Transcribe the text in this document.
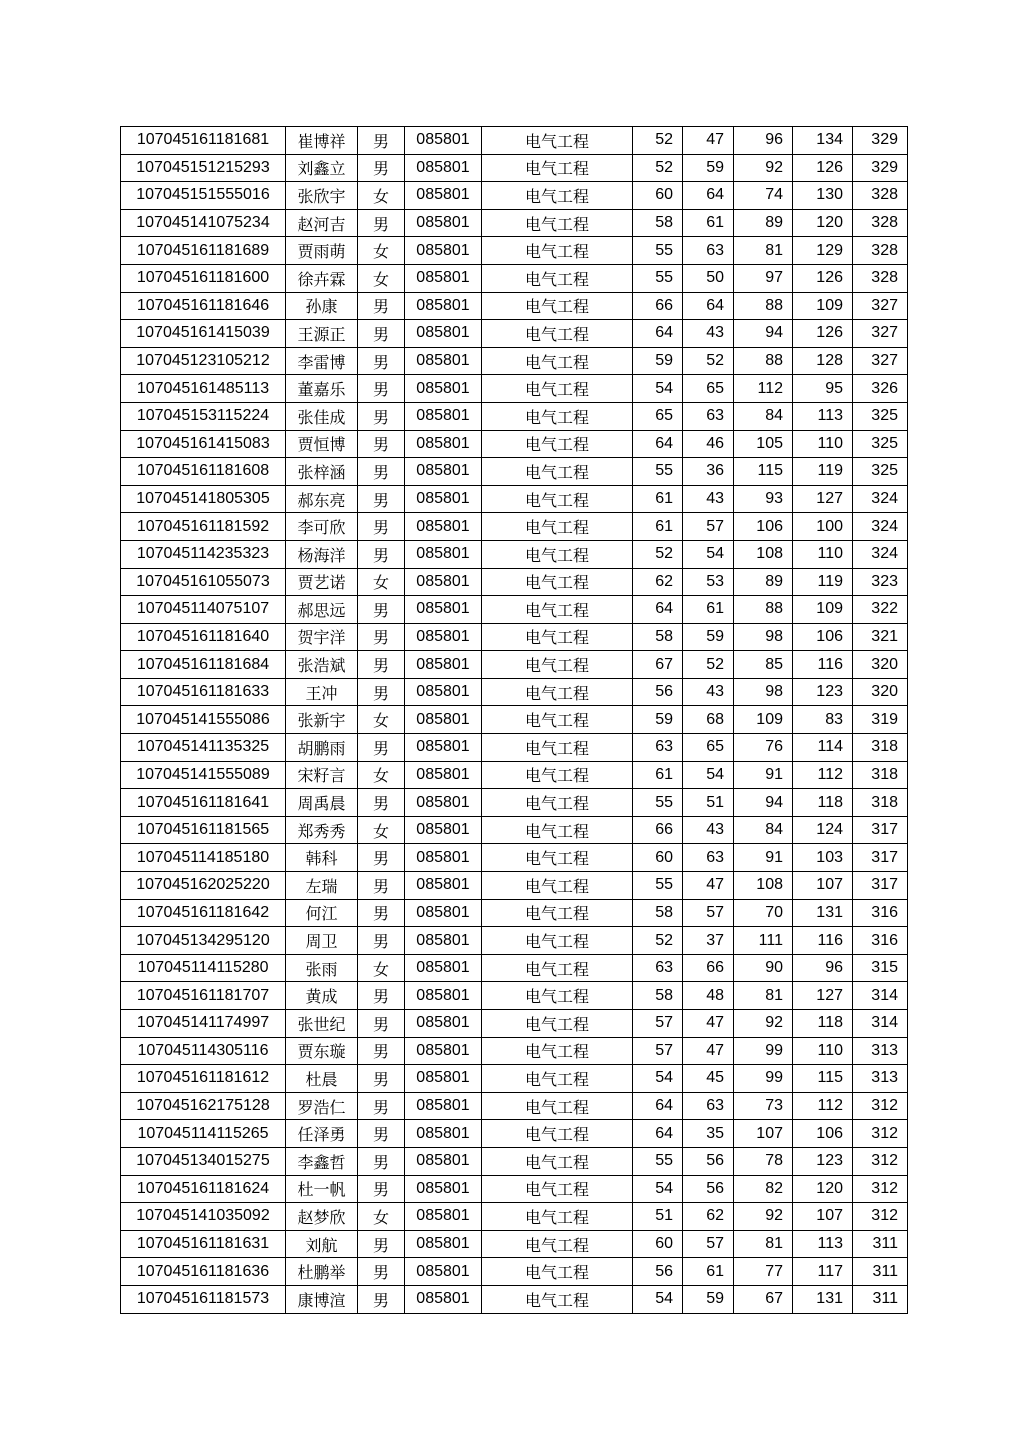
107045161181681	崔博祥	男	085801	电气工程	52	47	96	134	329
107045151215293	刘鑫立	男	085801	电气工程	52	59	92	126	329
107045151555016	张欣宇	女	085801	电气工程	60	64	74	130	328
107045141075234	赵河吉	男	085801	电气工程	58	61	89	120	328
107045161181689	贾雨萌	女	085801	电气工程	55	63	81	129	328
107045161181600	徐卉霖	女	085801	电气工程	55	50	97	126	328
107045161181646	孙康	男	085801	电气工程	66	64	88	109	327
107045161415039	王源正	男	085801	电气工程	64	43	94	126	327
107045123105212	李雷博	男	085801	电气工程	59	52	88	128	327
107045161485113	董嘉乐	男	085801	电气工程	54	65	112	95	326
107045153115224	张佳成	男	085801	电气工程	65	63	84	113	325
107045161415083	贾恒博	男	085801	电气工程	64	46	105	110	325
107045161181608	张梓涵	男	085801	电气工程	55	36	115	119	325
107045141805305	郝东亮	男	085801	电气工程	61	43	93	127	324
107045161181592	李可欣	男	085801	电气工程	61	57	106	100	324
107045114235323	杨海洋	男	085801	电气工程	52	54	108	110	324
107045161055073	贾艺诺	女	085801	电气工程	62	53	89	119	323
107045114075107	郝思远	男	085801	电气工程	64	61	88	109	322
107045161181640	贺宇洋	男	085801	电气工程	58	59	98	106	321
107045161181684	张浩斌	男	085801	电气工程	67	52	85	116	320
107045161181633	王冲	男	085801	电气工程	56	43	98	123	320
107045141555086	张新宇	女	085801	电气工程	59	68	109	83	319
107045141135325	胡鹏雨	男	085801	电气工程	63	65	76	114	318
107045141555089	宋籽言	女	085801	电气工程	61	54	91	112	318
107045161181641	周禹晨	男	085801	电气工程	55	51	94	118	318
107045161181565	郑秀秀	女	085801	电气工程	66	43	84	124	317
107045114185180	韩科	男	085801	电气工程	60	63	91	103	317
107045162025220	左瑞	男	085801	电气工程	55	47	108	107	317
107045161181642	何江	男	085801	电气工程	58	57	70	131	316
107045134295120	周卫	男	085801	电气工程	52	37	111	116	316
107045114115280	张雨	女	085801	电气工程	63	66	90	96	315
107045161181707	黄成	男	085801	电气工程	58	48	81	127	314
107045141174997	张世纪	男	085801	电气工程	57	47	92	118	314
107045114305116	贾东璇	男	085801	电气工程	57	47	99	110	313
107045161181612	杜晨	男	085801	电气工程	54	45	99	115	313
107045162175128	罗浩仁	男	085801	电气工程	64	63	73	112	312
107045114115265	任泽勇	男	085801	电气工程	64	35	107	106	312
107045134015275	李鑫哲	男	085801	电气工程	55	56	78	123	312
107045161181624	杜一帆	男	085801	电气工程	54	56	82	120	312
107045141035092	赵梦欣	女	085801	电气工程	51	62	92	107	312
107045161181631	刘航	男	085801	电气工程	60	57	81	113	311
107045161181636	杜鹏举	男	085801	电气工程	56	61	77	117	311
107045161181573	康博渲	男	085801	电气工程	54	59	67	131	311
